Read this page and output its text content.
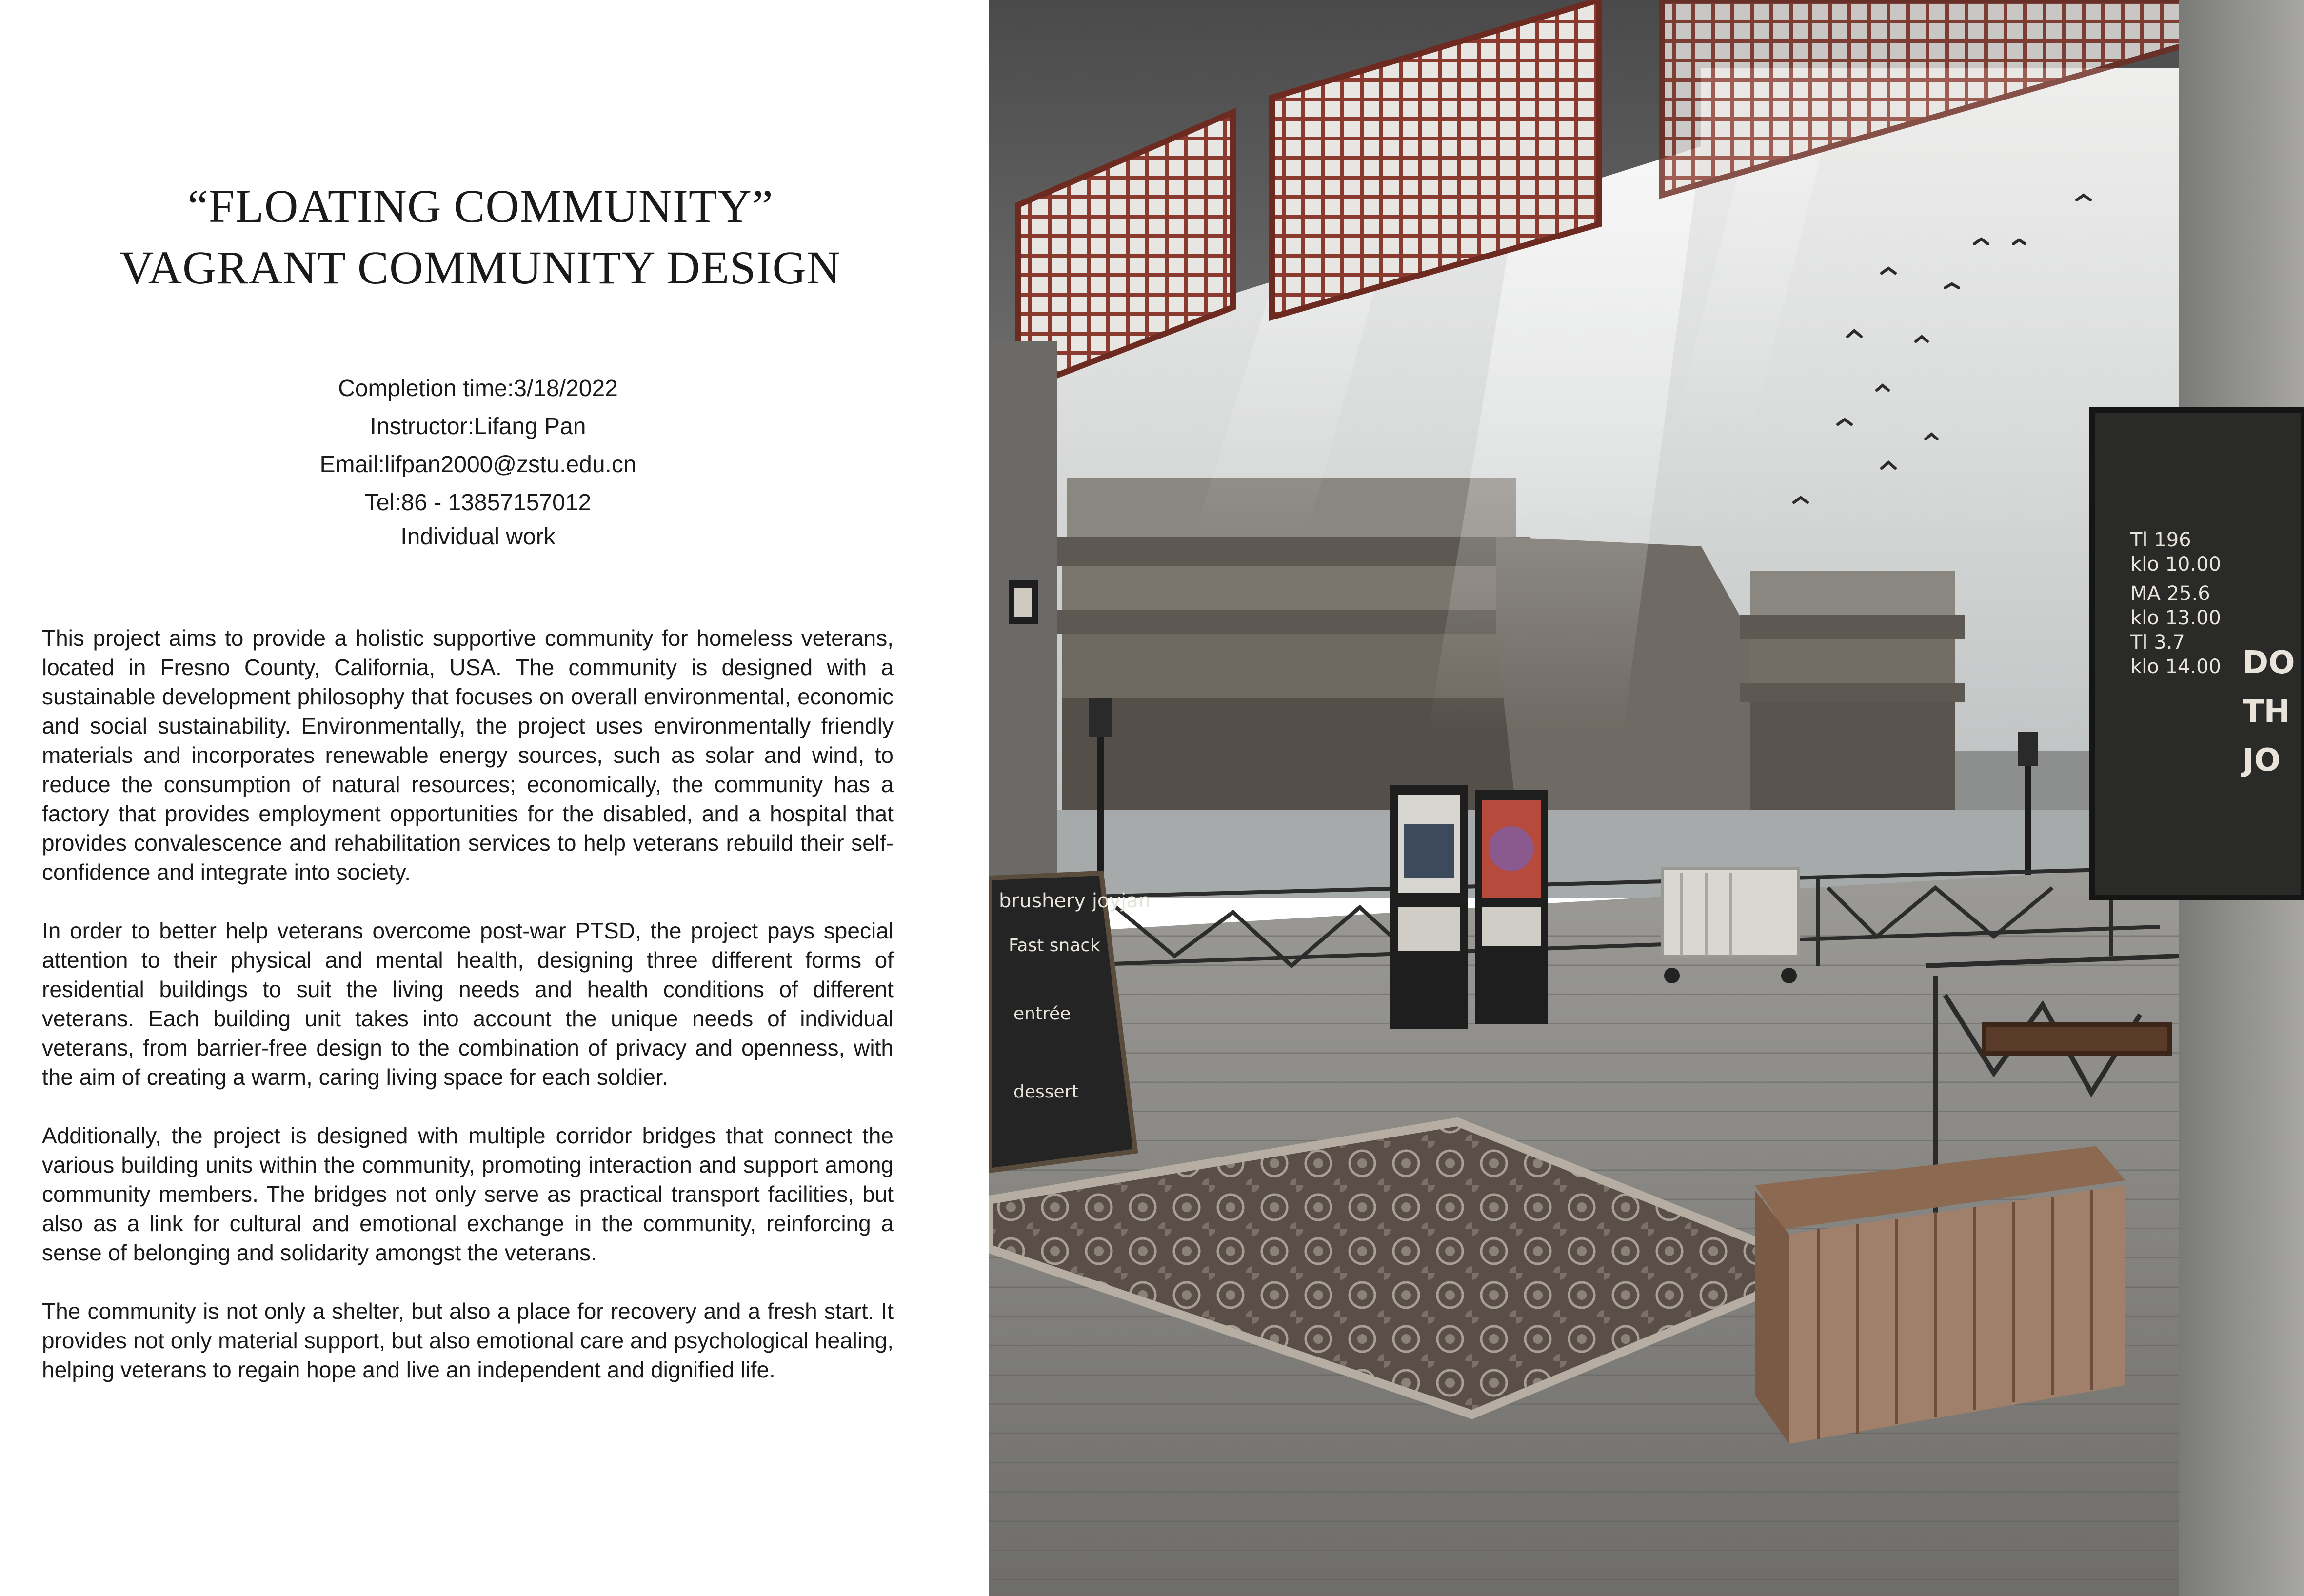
“FLOATING COMMUNITY”
VAGRANT COMMUNITY DESIGN
Completion time:3/18/2022
Instructor:Lifang Pan
Email:lifpan2000@zstu.edu.cn
Tel:86 - 13857157012
Individual work

This project aims to provide a holistic supportive community for homeless veterans, located in Fresno County, California, USA. The community is designed with a sustainable development philosophy that focuses on overall environmental, economic and social sustainability. Environmentally, the project uses environmentally friendly materials and incorporates renewable energy sources, such as solar and wind, to reduce the consumption of natural resources; economically, the community has a factory that provides employment opportunities for the disabled, and a hospital that provides convalescence and rehabilitation services to help veterans rebuild their self-confidence and integrate into society.

In order to better help veterans overcome post-war PTSD, the project pays special attention to their physical and mental health, designing three different forms of residential buildings to suit the living needs and health conditions of different veterans. Each building unit takes into account the unique needs of individual veterans, from barrier-free design to the combination of privacy and openness, with the aim of creating a warm, caring living space for each soldier.

Additionally, the project is designed with multiple corridor bridges that connect the various building units within the community, promoting interaction and support among community members. The bridges not only serve as practical transport facilities, but also as a link for cultural and emotional exchange in the community, reinforcing a sense of belonging and solidarity amongst the veterans.

The community is not only a shelter, but also a place for recovery and a fresh start. It provides not only material support, but also emotional care and psychological healing, helping veterans to regain hope and live an independent and dignified life.

brushery joyjan
Fast snack
entrée
dessert
Tl 196
klo 10.00
MA 25.6
klo 13.00
Tl 3.7
klo 14.00 DO
TH
JO
